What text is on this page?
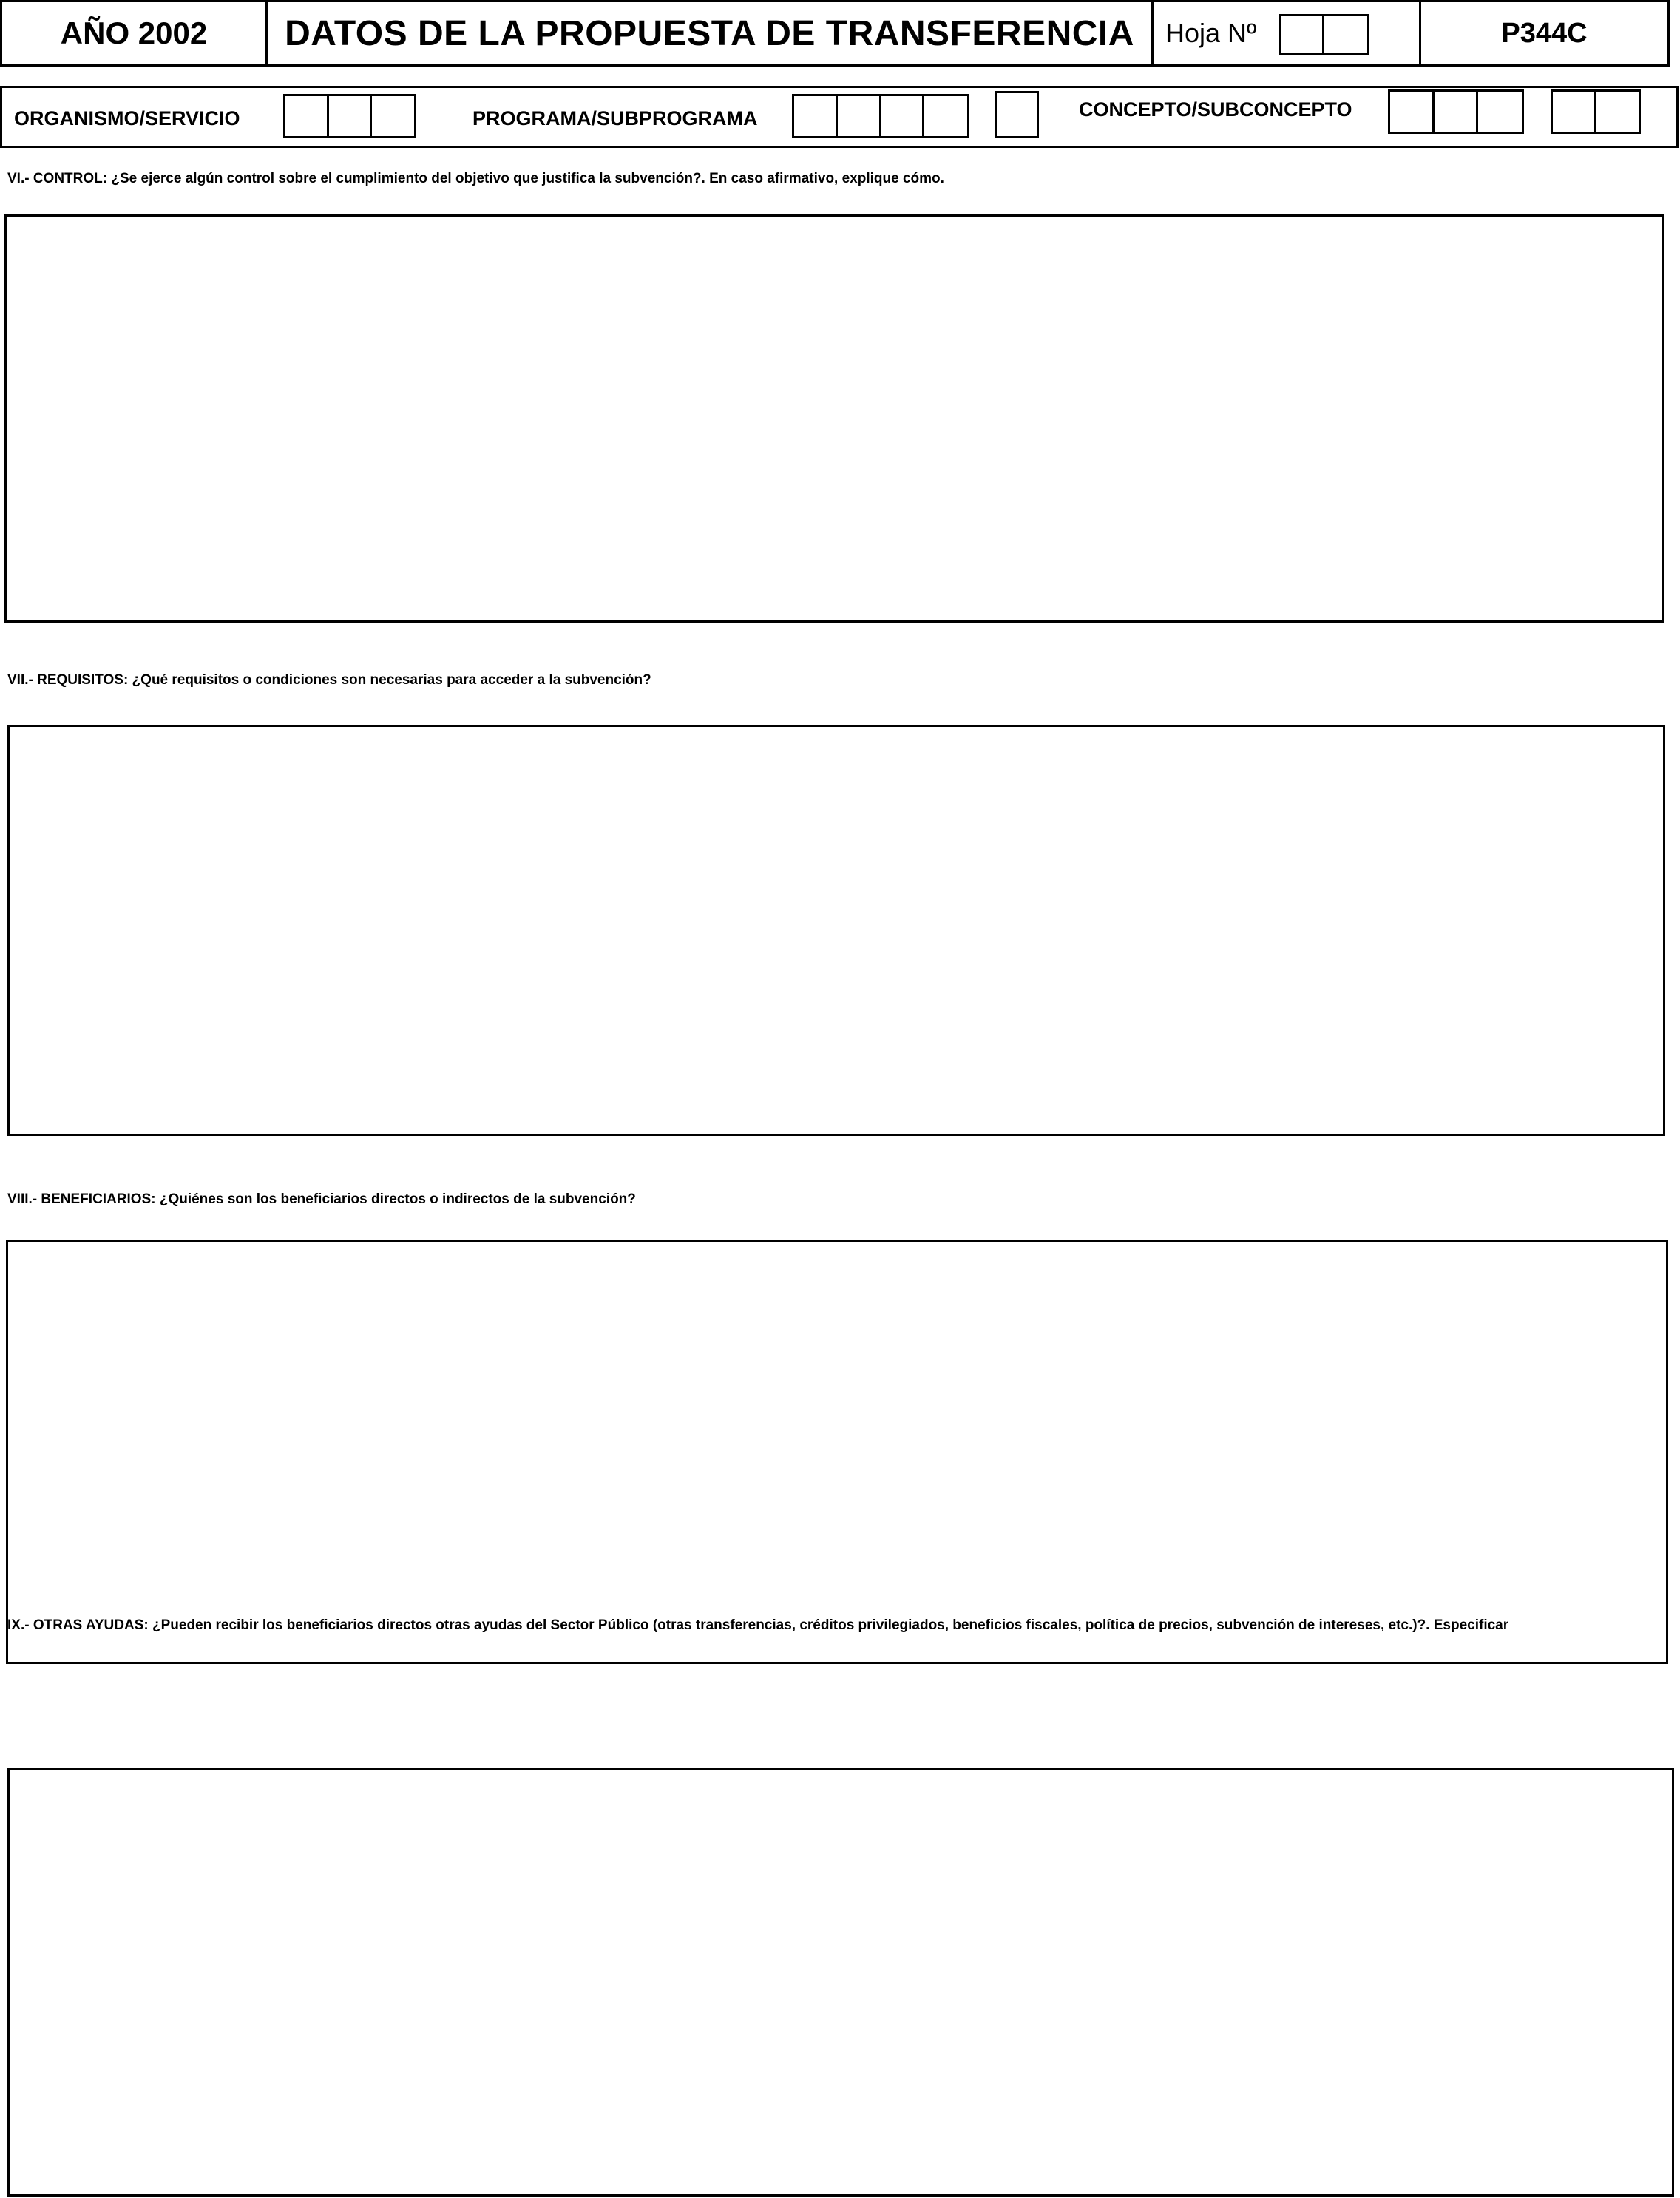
AÑO 2002	DATOS DE LA PROPUESTA DE TRANSFERENCIA	Hoja Nº	P344C
ORGANISMO/SERVICIO	PROGRAMA/SUBPROGRAMA	CONCEPTO/SUBCONCEPTO
VI.- CONTROL: ¿Se ejerce algún control sobre el cumplimiento del objetivo que justifica la subvención?. En caso afirmativo, explique cómo.
VII.- REQUISITOS: ¿Qué requisitos o condiciones son necesarias para acceder a la subvención?
VIII.- BENEFICIARIOS: ¿Quiénes son los beneficiarios directos o indirectos de la subvención?
IX.- OTRAS AYUDAS: ¿Pueden recibir los beneficiarios directos otras ayudas del Sector Público (otras transferencias, créditos privilegiados, beneficios fiscales, política de precios, subvención de intereses, etc.)?. Especificar
